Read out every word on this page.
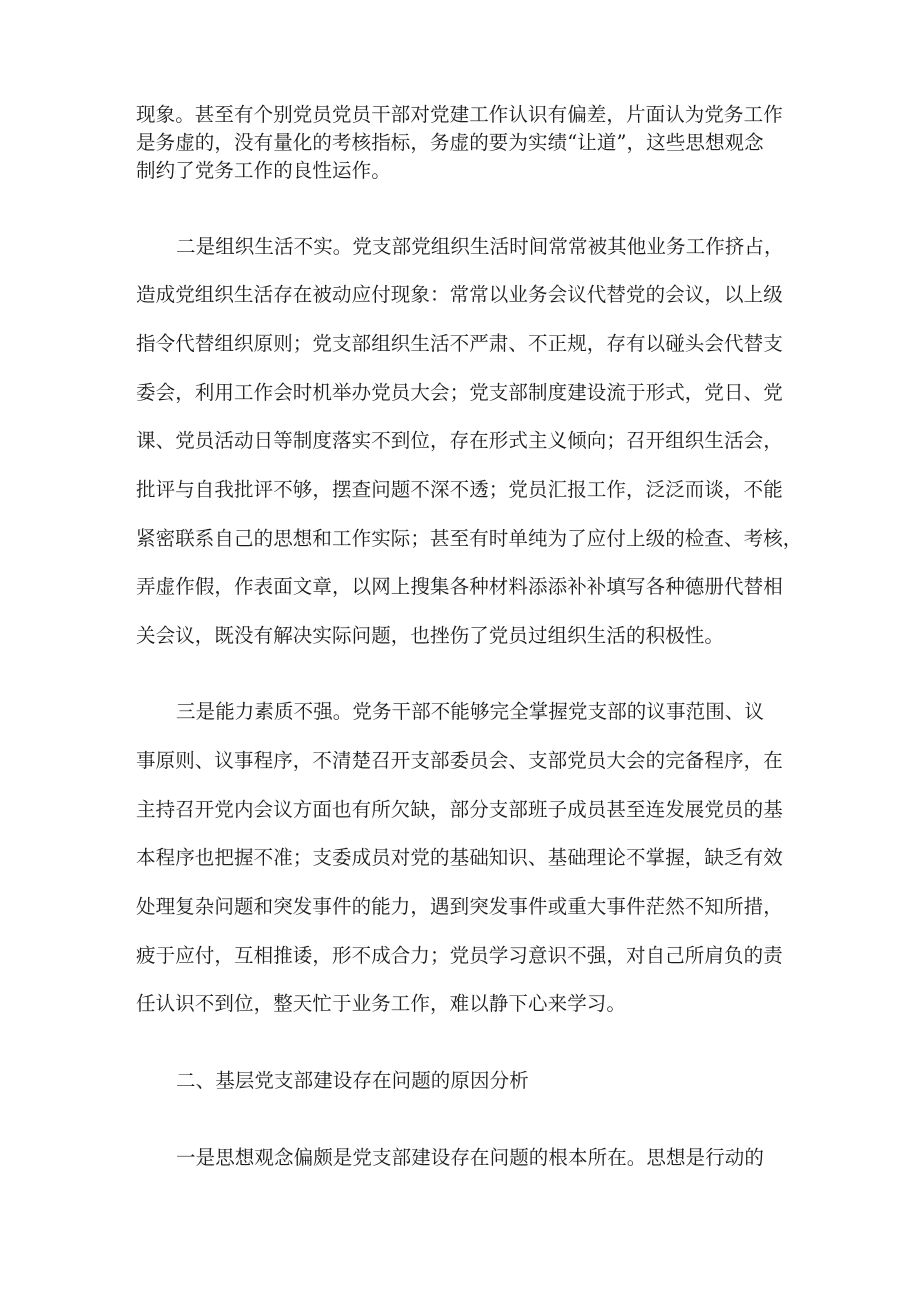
现象。甚至有个别党员党员干部对党建工作认识有偏差，片面认为党务工作
是务虚的，没有量化的考核指标，务虚的要为实绩“让道”，这些思想观念
制约了党务工作的良性运作。
二是组织生活不实。党支部党组织生活时间常常被其他业务工作挤占，
造成党组织生活存在被动应付现象：常常以业务会议代替党的会议，以上级
指令代替组织原则；党支部组织生活不严肃、不正规，存有以碰头会代替支
委会，利用工作会时机举办党员大会；党支部制度建设流于形式，党日、党
课、党员活动日等制度落实不到位，存在形式主义倾向；召开组织生活会，
批评与自我批评不够，摆查问题不深不透；党员汇报工作，泛泛而谈，不能
紧密联系自己的思想和工作实际；甚至有时单纯为了应付上级的检查、考核，
弄虚作假，作表面文章，以网上搜集各种材料添添补补填写各种德册代替相
关会议，既没有解决实际问题，也挫伤了党员过组织生活的积极性。
三是能力素质不强。党务干部不能够完全掌握党支部的议事范围、议
事原则、议事程序，不清楚召开支部委员会、支部党员大会的完备程序，在
主持召开党内会议方面也有所欠缺，部分支部班子成员甚至连发展党员的基
本程序也把握不准；支委成员对党的基础知识、基础理论不掌握，缺乏有效
处理复杂问题和突发事件的能力，遇到突发事件或重大事件茫然不知所措，
疲于应付，互相推诿，形不成合力；党员学习意识不强，对自己所肩负的责
任认识不到位，整天忙于业务工作，难以静下心来学习。
二、基层党支部建设存在问题的原因分析
一是思想观念偏颇是党支部建设存在问题的根本所在。思想是行动的
